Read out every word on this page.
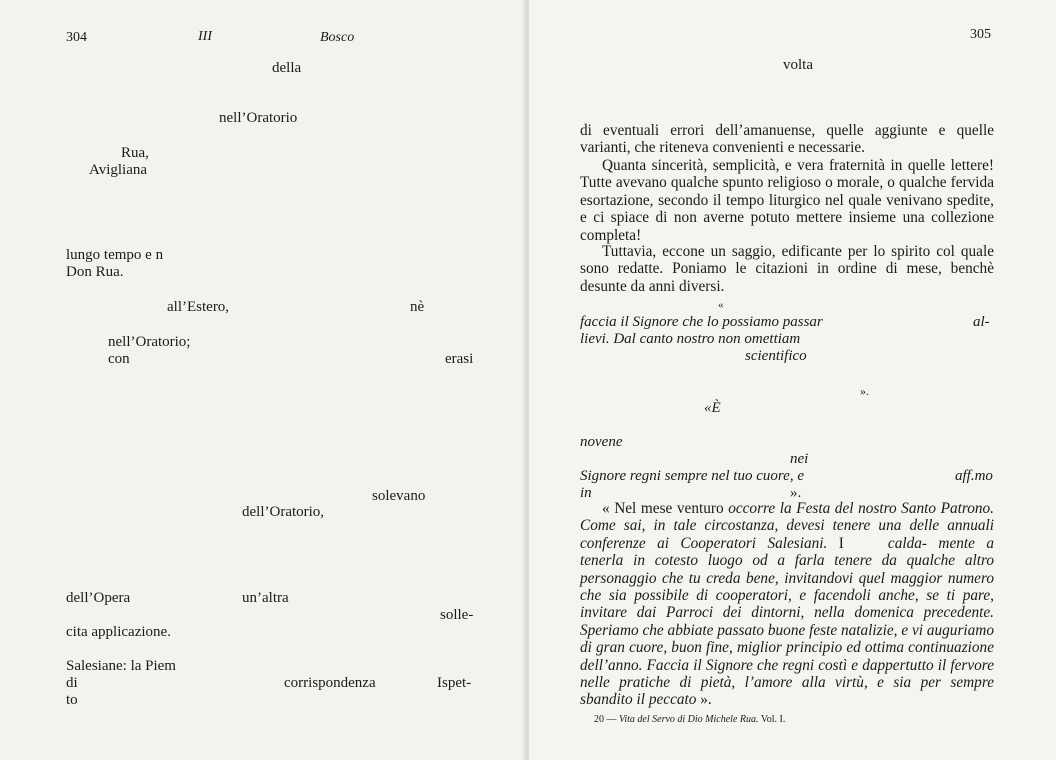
304	III	Bosco
della
nell’Oratorio
Rua,
Avigliana
lungo tempo e n
Don Rua.
all’Estero,	nè
nell’Oratorio;
con	erasi
solevano
dell’Oratorio,
dell’Opera	un’altra
solle-
cita applicazione.
Salesiane: la Piem
di	corrispondenza	Ispet-
to
305
volta
di eventuali errori dell’amanuense, quelle aggiunte e quelle varianti, che riteneva convenienti e necessarie.
Quanta sincerità, semplicità, e vera fraternità in quelle lettere! Tutte avevano qualche spunto religioso o morale, o qualche fervida esortazione, secondo il tempo liturgico nel quale venivano spedite, e ci spiace di non averne potuto mettere insieme una collezione completa!
Tuttavia, eccone un saggio, edificante per lo spirito col quale sono redatte. Poniamo le citazioni in ordine di mese, benchè desunte da anni diversi.
«
faccia il Signore che lo possiamo passar	al-
lievi. Dal canto nostro non omettiam
scientifico
».
«È
novene
nei
Signore regni sempre nel tuo cuore, e	aff.mo
in	».
« Nel mese venturo occorre la Festa del nostro Santo Patrono. Come sai, in tale circostanza, devesi tenere una delle annuali conferenze ai Cooperatori Salesiani. I	calda- mente a tenerla in cotesto luogo od a farla tenere da qualche altro personaggio che tu creda bene, invitandovi quel maggior numero che sia possibile di cooperatori, e facendoli anche, se ti pare, invitare dai Parroci dei dintorni, nella domenica precedente. Speriamo che abbiate passato buone feste natalizie, e vi auguriamo di gran cuore, buon fine, miglior principio ed ottima continuazione dell’anno. Faccia il Signore che regni costì e dappertutto il fervore nelle pratiche di pietà, l’amore alla virtù, e sia per sempre sbandito il peccato ».
20 — Vita del Servo di Dio Michele Rua. Vol. I.
